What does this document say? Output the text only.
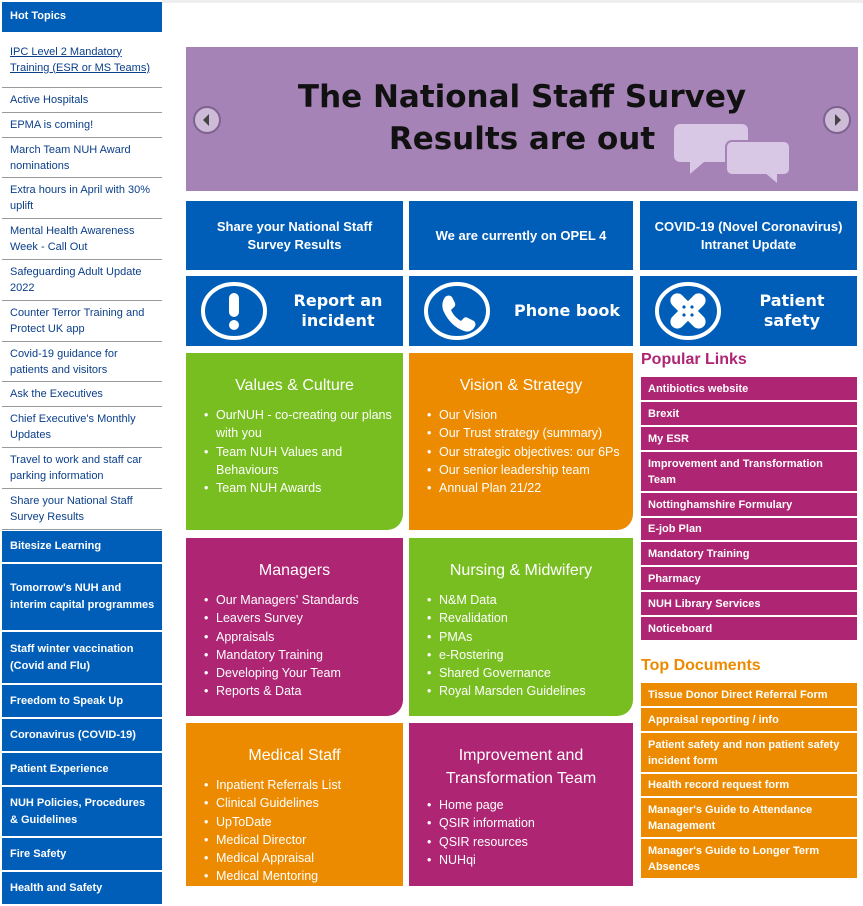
Hot Topics
IPC Level 2 Mandatory Training (ESR or MS Teams)
Active Hospitals
EPMA is coming!
March Team NUH Award nominations
Extra hours in April with 30% uplift
Mental Health Awareness Week - Call Out
Safeguarding Adult Update 2022
Counter Terror Training and Protect UK app
Covid-19 guidance for patients and visitors
Ask the Executives
Chief Executive's Monthly Updates
Travel to work and staff car parking information
Share your National Staff Survey Results
Bitesize Learning
Tomorrow's NUH and interim capital programmes
Staff winter vaccination (Covid and Flu)
Freedom to Speak Up
Coronavirus (COVID-19)
Patient Experience
NUH Policies, Procedures & Guidelines
Fire Safety
Health and Safety
The National Staff Survey
Results are out
Share your National Staff Survey Results
We are currently on OPEL 4
COVID-19 (Novel Coronavirus) Intranet Update
Report an
incident
Phone book
Patient
safety
Values & Culture
• OurNUH - co-creating our plans with you
• Team NUH Values and Behaviours
• Team NUH Awards
Vision & Strategy
• Our Vision
• Our Trust strategy (summary)
• Our strategic objectives: our 6Ps
• Our senior leadership team
• Annual Plan 21/22
Managers
• Our Managers' Standards
• Leavers Survey
• Appraisals
• Mandatory Training
• Developing Your Team
• Reports & Data
Nursing & Midwifery
• N&M Data
• Revalidation
• PMAs
• e-Rostering
• Shared Governance
• Royal Marsden Guidelines
Medical Staff
• Inpatient Referrals List
• Clinical Guidelines
• UpToDate
• Medical Director
• Medical Appraisal
• Medical Mentoring
Improvement and Transformation Team
• Home page
• QSIR information
• QSIR resources
• NUHqi
Popular Links
Antibiotics website
Brexit
My ESR
Improvement and Transformation Team
Nottinghamshire Formulary
E-job Plan
Mandatory Training
Pharmacy
NUH Library Services
Noticeboard
Top Documents
Tissue Donor Direct Referral Form
Appraisal reporting / info
Patient safety and non patient safety incident form
Health record request form
Manager's Guide to Attendance Management
Manager's Guide to Longer Term Absences
